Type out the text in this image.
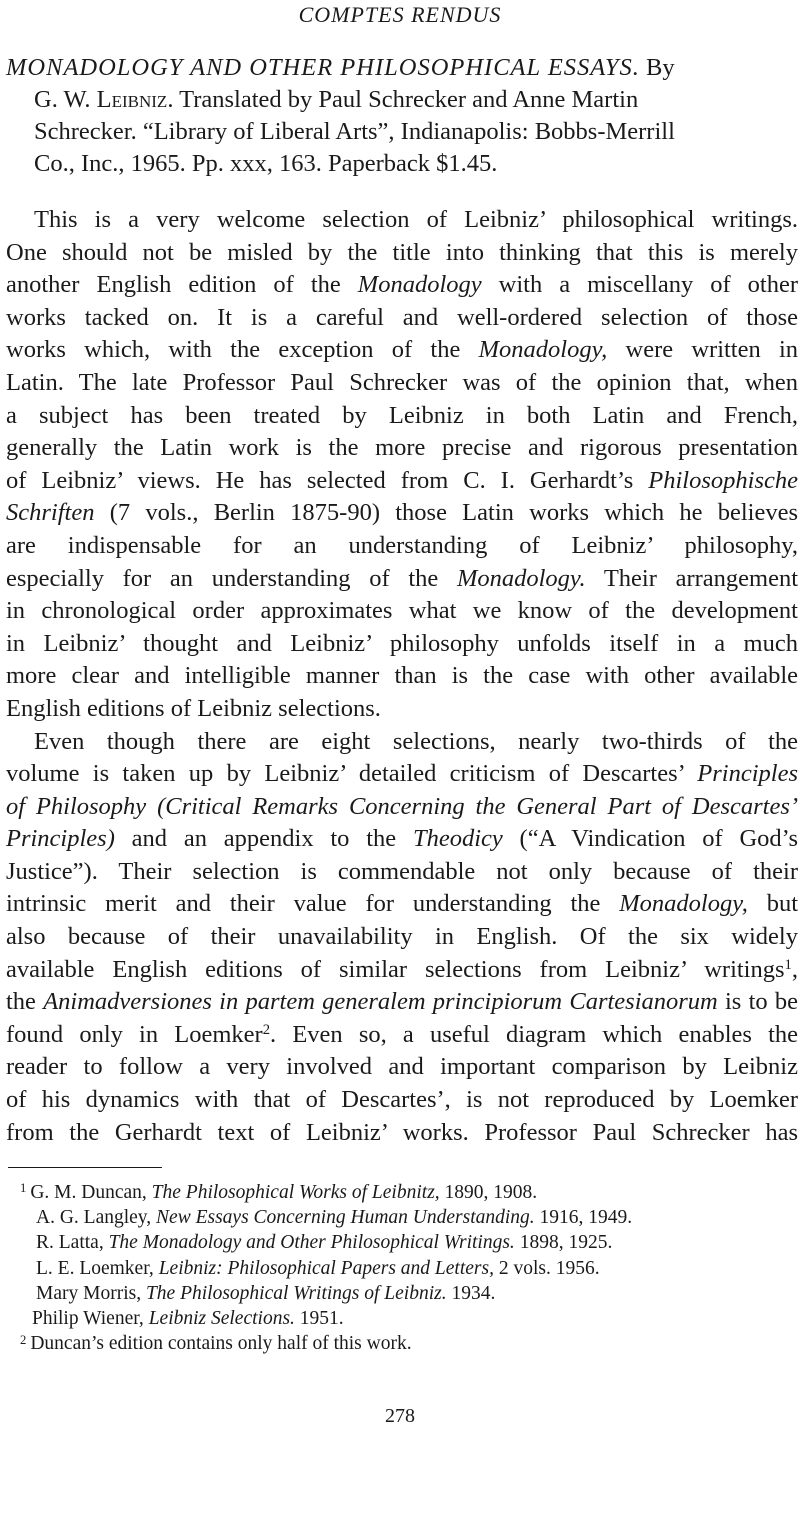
COMPTES RENDUS
MONADOLOGY AND OTHER PHILOSOPHICAL ESSAYS. By
G. W. Leibniz. Translated by Paul Schrecker and Anne Martin
Schrecker. “Library of Liberal Arts”, Indianapolis: Bobbs-Merrill
Co., Inc., 1965. Pp. xxx, 163. Paperback $1.45.
This is a very welcome selection of Leibniz’ philosophical writings.
One should not be misled by the title into thinking that this is merely
another English edition of the Monadology with a miscellany of other
works tacked on. It is a careful and well-ordered selection of those
works which, with the exception of the Monadology, were written in
Latin. The late Professor Paul Schrecker was of the opinion that, when
a subject has been treated by Leibniz in both Latin and French,
generally the Latin work is the more precise and rigorous presentation
of Leibniz’ views. He has selected from C. I. Gerhardt’s Philosophische
Schriften (7 vols., Berlin 1875-90) those Latin works which he believes
are indispensable for an understanding of Leibniz’ philosophy,
especially for an understanding of the Monadology. Their arrangement
in chronological order approximates what we know of the development
in Leibniz’ thought and Leibniz’ philosophy unfolds itself in a much
more clear and intelligible manner than is the case with other available
English editions of Leibniz selections.
Even though there are eight selections, nearly two-thirds of the
volume is taken up by Leibniz’ detailed criticism of Descartes’ Principles
of Philosophy (Critical Remarks Concerning the General Part of Descartes’
Principles) and an appendix to the Theodicy (“A Vindication of God’s
Justice”). Their selection is commendable not only because of their
intrinsic merit and their value for understanding the Monadology, but
also because of their unavailability in English. Of the six widely
available English editions of similar selections from Leibniz’ writings$^1$,
the Animadversiones in partem generalem principiorum Cartesianorum is to be
found only in Loemker$^2$. Even so, a useful diagram which enables the
reader to follow a very involved and important comparison by Leibniz
of his dynamics with that of Descartes’, is not reproduced by Loemker
from the Gerhardt text of Leibniz’ works. Professor Paul Schrecker has
$^1$ G. M. Duncan, The Philosophical Works of Leibnitz, 1890, 1908.
A. G. Langley, New Essays Concerning Human Understanding. 1916, 1949.
R. Latta, The Monadology and Other Philosophical Writings. 1898, 1925.
L. E. Loemker, Leibniz: Philosophical Papers and Letters, 2 vols. 1956.
Mary Morris, The Philosophical Writings of Leibniz. 1934.
Philip Wiener, Leibniz Selections. 1951.
$^2$ Duncan’s edition contains only half of this work.
278
